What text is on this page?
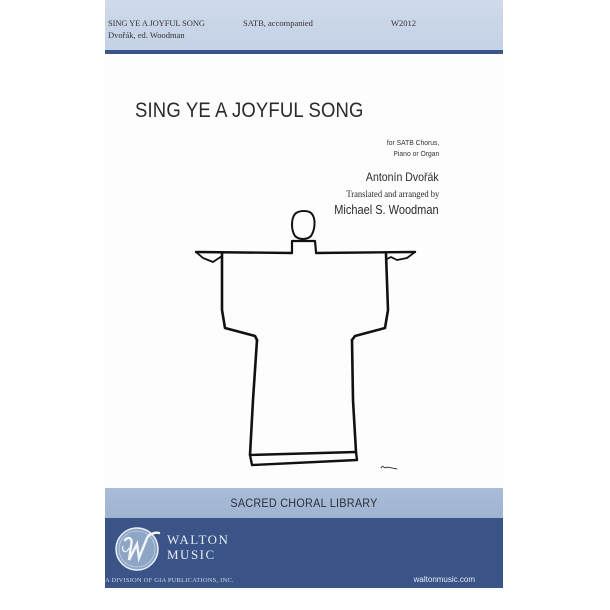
SING YE A JOYFUL SONG
Dvořák, ed. Woodman
SATB, accompanied	W2012
SING YE A JOYFUL SONG
for SATB Chorus,
Piano or Organ
Antonín Dvořák
Translated and arranged by
Michael S. Woodman
SACRED CHORAL LIBRARY
WALTON
MUSIC
A DIVISION OF GIA PUBLICATIONS, INC.	waltonmusic.com
